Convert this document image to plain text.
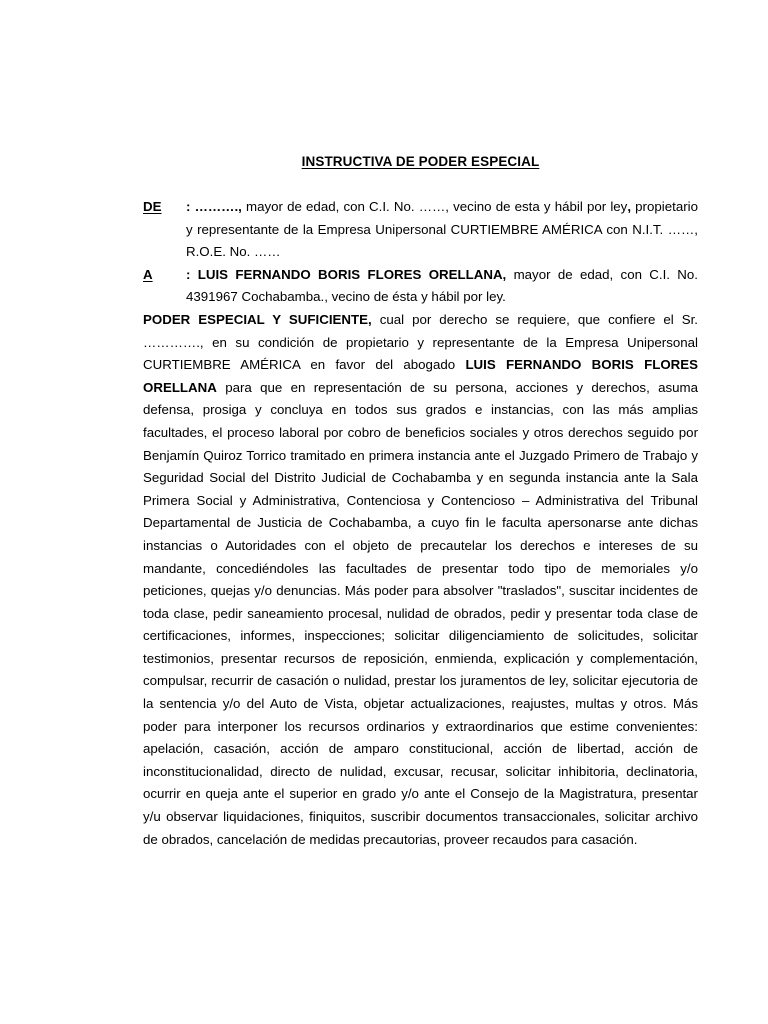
INSTRUCTIVA DE PODER ESPECIAL
DE	: ………., mayor de edad, con C.I. No. ……, vecino de esta y hábil por ley, propietario y representante de la Empresa Unipersonal CURTIEMBRE AMÉRICA con N.I.T. ……, R.O.E. No. ……
A	: LUIS FERNANDO BORIS FLORES ORELLANA, mayor de edad, con C.I. No. 4391967 Cochabamba., vecino de ésta y hábil por ley.

PODER ESPECIAL Y SUFICIENTE, cual por derecho se requiere, que confiere el Sr. …………., en su condición de propietario y representante de la Empresa Unipersonal CURTIEMBRE AMÉRICA en favor del abogado LUIS FERNANDO BORIS FLORES ORELLANA para que en representación de su persona, acciones y derechos, asuma defensa, prosiga y concluya en todos sus grados e instancias, con las más amplias facultades, el proceso laboral por cobro de beneficios sociales y otros derechos seguido por Benjamín Quiroz Torrico tramitado en primera instancia ante el Juzgado Primero de Trabajo y Seguridad Social del Distrito Judicial de Cochabamba y en segunda instancia ante la Sala Primera Social y Administrativa, Contenciosa y Contencioso – Administrativa del Tribunal Departamental de Justicia de Cochabamba, a cuyo fin le faculta apersonarse ante dichas instancias o Autoridades con el objeto de precautelar los derechos e intereses de su mandante, concediéndoles las facultades de presentar todo tipo de memoriales y/o peticiones, quejas y/o denuncias. Más poder para absolver "traslados", suscitar incidentes de toda clase, pedir saneamiento procesal, nulidad de obrados, pedir y presentar toda clase de certificaciones, informes, inspecciones; solicitar diligenciamiento de solicitudes, solicitar testimonios, presentar recursos de reposición, enmienda, explicación y complementación, compulsar, recurrir de casación o nulidad, prestar los juramentos de ley, solicitar ejecutoria de la sentencia y/o del Auto de Vista, objetar actualizaciones, reajustes, multas y otros. Más poder para interponer los recursos ordinarios y extraordinarios que estime convenientes: apelación, casación, acción de amparo constitucional, acción de libertad, acción de inconstitucionalidad, directo de nulidad, excusar, recusar, solicitar inhibitoria, declinatoria, ocurrir en queja ante el superior en grado y/o ante el Consejo de la Magistratura, presentar y/u observar liquidaciones, finiquitos, suscribir documentos transaccionales, solicitar archivo de obrados, cancelación de medidas precautorias, proveer recaudos para casación.
